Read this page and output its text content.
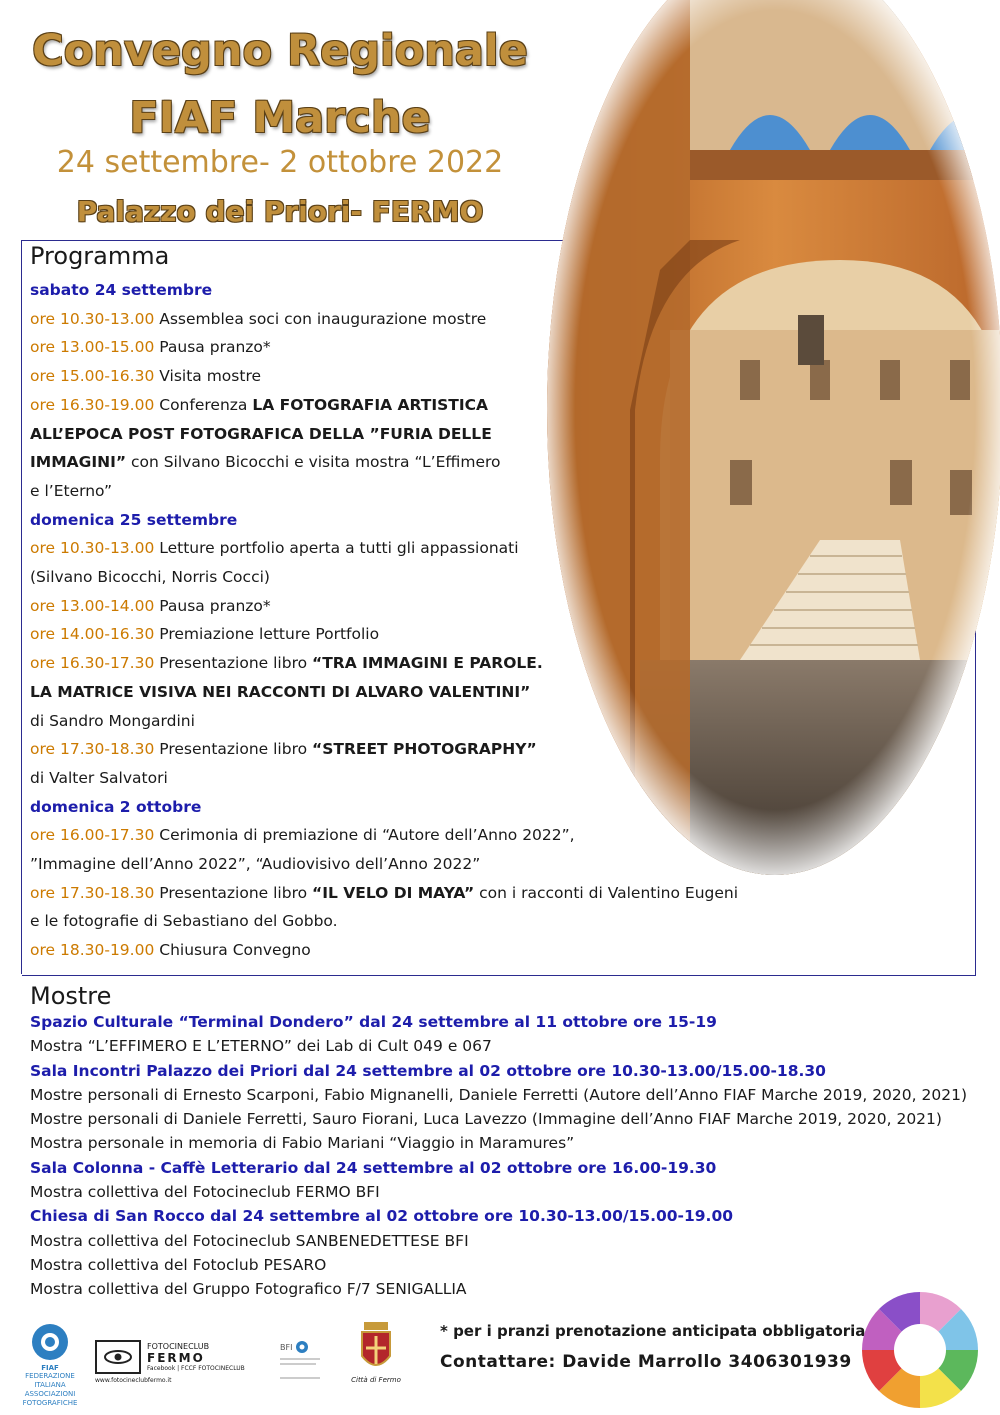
Convegno Regionale
FIAF Marche
24 settembre- 2 ottobre 2022
Palazzo dei Priori- FERMO
Programma
sabato 24 settembre
ore 10.30-13.00 Assemblea soci con inaugurazione mostre
ore 13.00-15.00 Pausa pranzo*
ore 15.00-16.30 Visita mostre
ore 16.30-19.00 Conferenza LA FOTOGRAFIA ARTISTICA
ALL’EPOCA POST FOTOGRAFICA DELLA ”FURIA DELLE
IMMAGINI” con Silvano Bicocchi e visita mostra “L’Effimero
e l’Eterno”
domenica 25 settembre
ore 10.30-13.00 Letture portfolio aperta a tutti gli appassionati
(Silvano Bicocchi, Norris Cocci)
ore 13.00-14.00 Pausa pranzo*
ore 14.00-16.30 Premiazione letture Portfolio
ore 16.30-17.30 Presentazione libro “TRA IMMAGINI E PAROLE.
LA MATRICE VISIVA NEI RACCONTI DI ALVARO VALENTINI”
di Sandro Mongardini
ore 17.30-18.30 Presentazione libro “STREET PHOTOGRAPHY”
di Valter Salvatori
domenica 2 ottobre
ore 16.00-17.30 Cerimonia di premiazione di “Autore dell’Anno 2022”,
”Immagine dell’Anno 2022”, “Audiovisivo dell’Anno 2022”
ore 17.30-18.30 Presentazione libro “IL VELO DI MAYA” con i racconti di Valentino Eugeni
e le fotografie di Sebastiano del Gobbo.
ore 18.30-19.00 Chiusura Convegno
Mostre
Spazio Culturale “Terminal Dondero” dal 24 settembre al 11 ottobre ore 15-19
Mostra “L’EFFIMERO E L’ETERNO” dei Lab di Cult 049 e 067
Sala Incontri Palazzo dei Priori dal 24 settembre al 02 ottobre ore 10.30-13.00/15.00-18.30
Mostre personali di Ernesto Scarponi, Fabio Mignanelli, Daniele Ferretti (Autore dell’Anno FIAF Marche 2019, 2020, 2021)
Mostre personali di Daniele Ferretti, Sauro Fiorani, Luca Lavezzo (Immagine dell’Anno FIAF Marche 2019, 2020, 2021)
Mostra personale in memoria di Fabio Mariani “Viaggio in Maramures”
Sala Colonna - Caffè Letterario dal 24 settembre al 02 ottobre ore 16.00-19.30
Mostra collettiva del Fotocineclub FERMO BFI
Chiesa di San Rocco dal 24 settembre al 02 ottobre ore 10.30-13.00/15.00-19.00
Mostra collettiva del Fotocineclub SANBENEDETTESE BFI
Mostra collettiva del Fotoclub PESARO
Mostra collettiva del Gruppo Fotografico F/7 SENIGALLIA
FIAF
FEDERAZIONE
ITALIANA
ASSOCIAZIONI
FOTOGRAFICHE
FOTOCINECLUB
FERMO
Facebook | FCCF FOTOCINECLUB
www.fotocineclubfermo.it
BFI
Città di Fermo
* per i pranzi prenotazione anticipata obbligatoria
Contattare: Davide Marrollo 3406301939
